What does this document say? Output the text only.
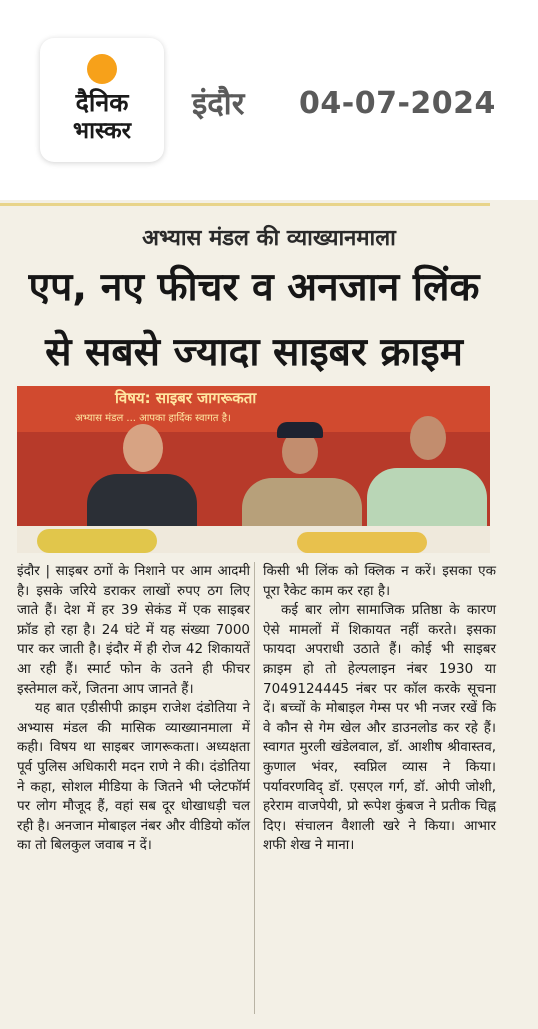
दैनिक
भास्कर
इंदौर 04-07-2024
अभ्यास मंडल की व्याख्यानमाला
एप, नए फीचर व अनजान लिंक
से सबसे ज्यादा साइबर क्राइम
विषय: साइबर जागरूकता
अभ्यास मंडल ... आपका हार्दिक स्वागत है।

इंदौर | साइबर ठगों के निशाने पर आम आदमी है। इसके जरिये डराकर लाखों रुपए ठग लिए जाते हैं। देश में हर 39 सेकंड में एक साइबर फ्रॉड हो रहा है। 24 घंटे में यह संख्या 7000 पार कर जाती है। इंदौर में ही रोज 42 शिकायतें आ रही हैं। स्मार्ट फोन के उतने ही फीचर इस्तेमाल करें, जितना आप जानते हैं।

यह बात एडीसीपी क्राइम राजेश दंडोतिया ने अभ्यास मंडल की मासिक व्याख्यानमाला में कही। विषय था साइबर जागरूकता। अध्यक्षता पूर्व पुलिस अधिकारी मदन राणे ने की। दंडोतिया ने कहा, सोशल मीडिया के जितने भी प्लेटफॉर्म पर लोग मौजूद हैं, वहां सब दूर धोखाधड़ी चल रही है। अनजान मोबाइल नंबर और वीडियो कॉल का तो बिलकुल जवाब न दें।

किसी भी लिंक को क्लिक न करें। इसका एक पूरा रैकेट काम कर रहा है।

कई बार लोग सामाजिक प्रतिष्ठा के कारण ऐसे मामलों में शिकायत नहीं करते। इसका फायदा अपराधी उठाते हैं। कोई भी साइबर क्राइम हो तो हेल्पलाइन नंबर 1930 या 7049124445 नंबर पर कॉल करके सूचना दें। बच्चों के मोबाइल गेम्स पर भी नजर रखें कि वे कौन से गेम खेल और डाउनलोड कर रहे हैं। स्वागत मुरली खंडेलवाल, डॉ. आशीष श्रीवास्तव, कुणाल भंवर, स्वप्निल व्यास ने किया। पर्यावरणविद् डॉ. एसएल गर्ग, डॉ. ओपी जोशी, हरेराम वाजपेयी, प्रो रूपेश कुंबज ने प्रतीक चिह्न दिए। संचालन वैशाली खरे ने किया। आभार शफी शेख ने माना।
